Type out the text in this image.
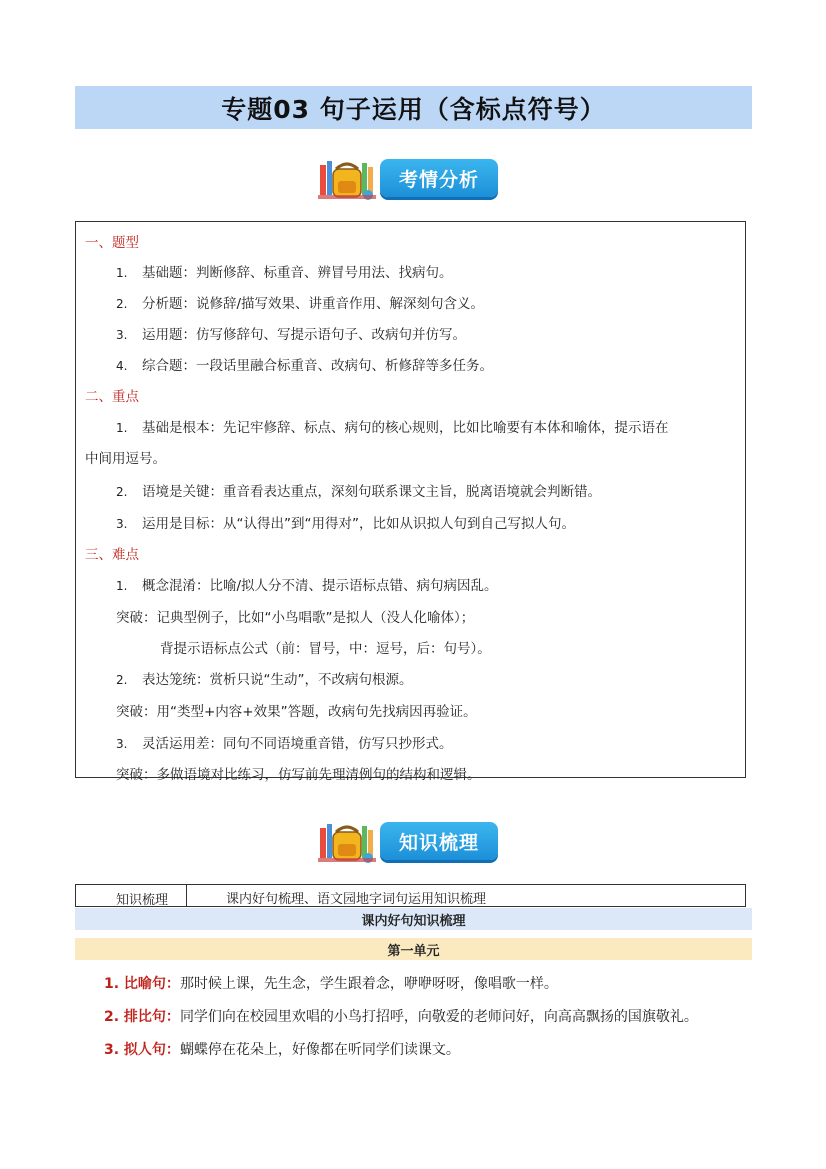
专题03 句子运用（含标点符号）
考情分析
一、题型
1. 基础题：判断修辞、标重音、辨冒号用法、找病句。
2. 分析题：说修辞/描写效果、讲重音作用、解深刻句含义。
3. 运用题：仿写修辞句、写提示语句子、改病句并仿写。
4. 综合题：一段话里融合标重音、改病句、析修辞等多任务。
二、重点
1. 基础是根本：先记牢修辞、标点、病句的核心规则，比如比喻要有本体和喻体，提示语在
中间用逗号。
2. 语境是关键：重音看表达重点，深刻句联系课文主旨，脱离语境就会判断错。
3. 运用是目标：从“认得出”到“用得对”，比如从识拟人句到自己写拟人句。
三、难点
1. 概念混淆：比喻/拟人分不清、提示语标点错、病句病因乱。
突破：记典型例子，比如“小鸟唱歌”是拟人（没人化喻体）；
背提示语标点公式（前：冒号，中：逗号，后：句号）。
2. 表达笼统：赏析只说“生动”，不改病句根源。
突破：用“类型+内容+效果”答题，改病句先找病因再验证。
3. 灵活运用差：同句不同语境重音错，仿写只抄形式。
突破：多做语境对比练习，仿写前先理清例句的结构和逻辑。
知识梳理
知识梳理	课内好句梳理、语文园地字词句运用知识梳理
课内好句知识梳理
第一单元
1. 比喻句：那时候上课，先生念，学生跟着念，咿咿呀呀，像唱歌一样。
2. 排比句：同学们向在校园里欢唱的小鸟打招呼，向敬爱的老师问好，向高高飘扬的国旗敬礼。
3. 拟人句：蝴蝶停在花朵上，好像都在听同学们读课文。
